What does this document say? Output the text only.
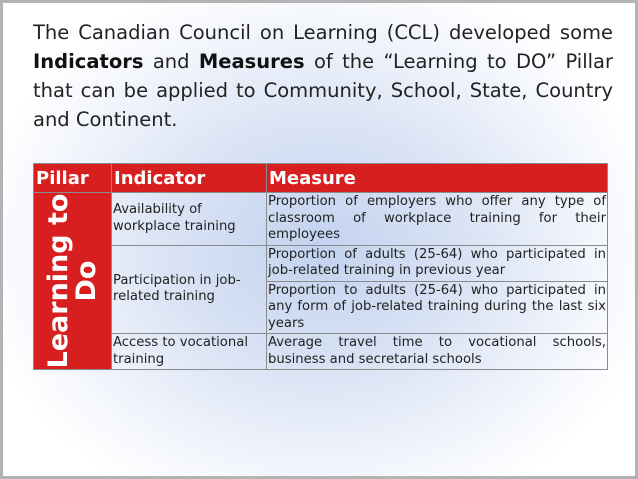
The Canadian Council on Learning (CCL) developed some Indicators and Measures of the “Learning to DO” Pillar that can be applied to Community, School, State, Country and Continent.

Pillar	Indicator	Measure

Learning to
Do	Availability of workplace training	Proportion of employers who offer any type of classroom of workplace training for their employees
	Participation in job-related training	Proportion of adults (25-64) who participated in job-related training in previous year
		Proportion to adults (25-64) who participated in any form of job-related training during the last six years
	Access to vocational training	Average travel time to vocational schools, business and secretarial schools
